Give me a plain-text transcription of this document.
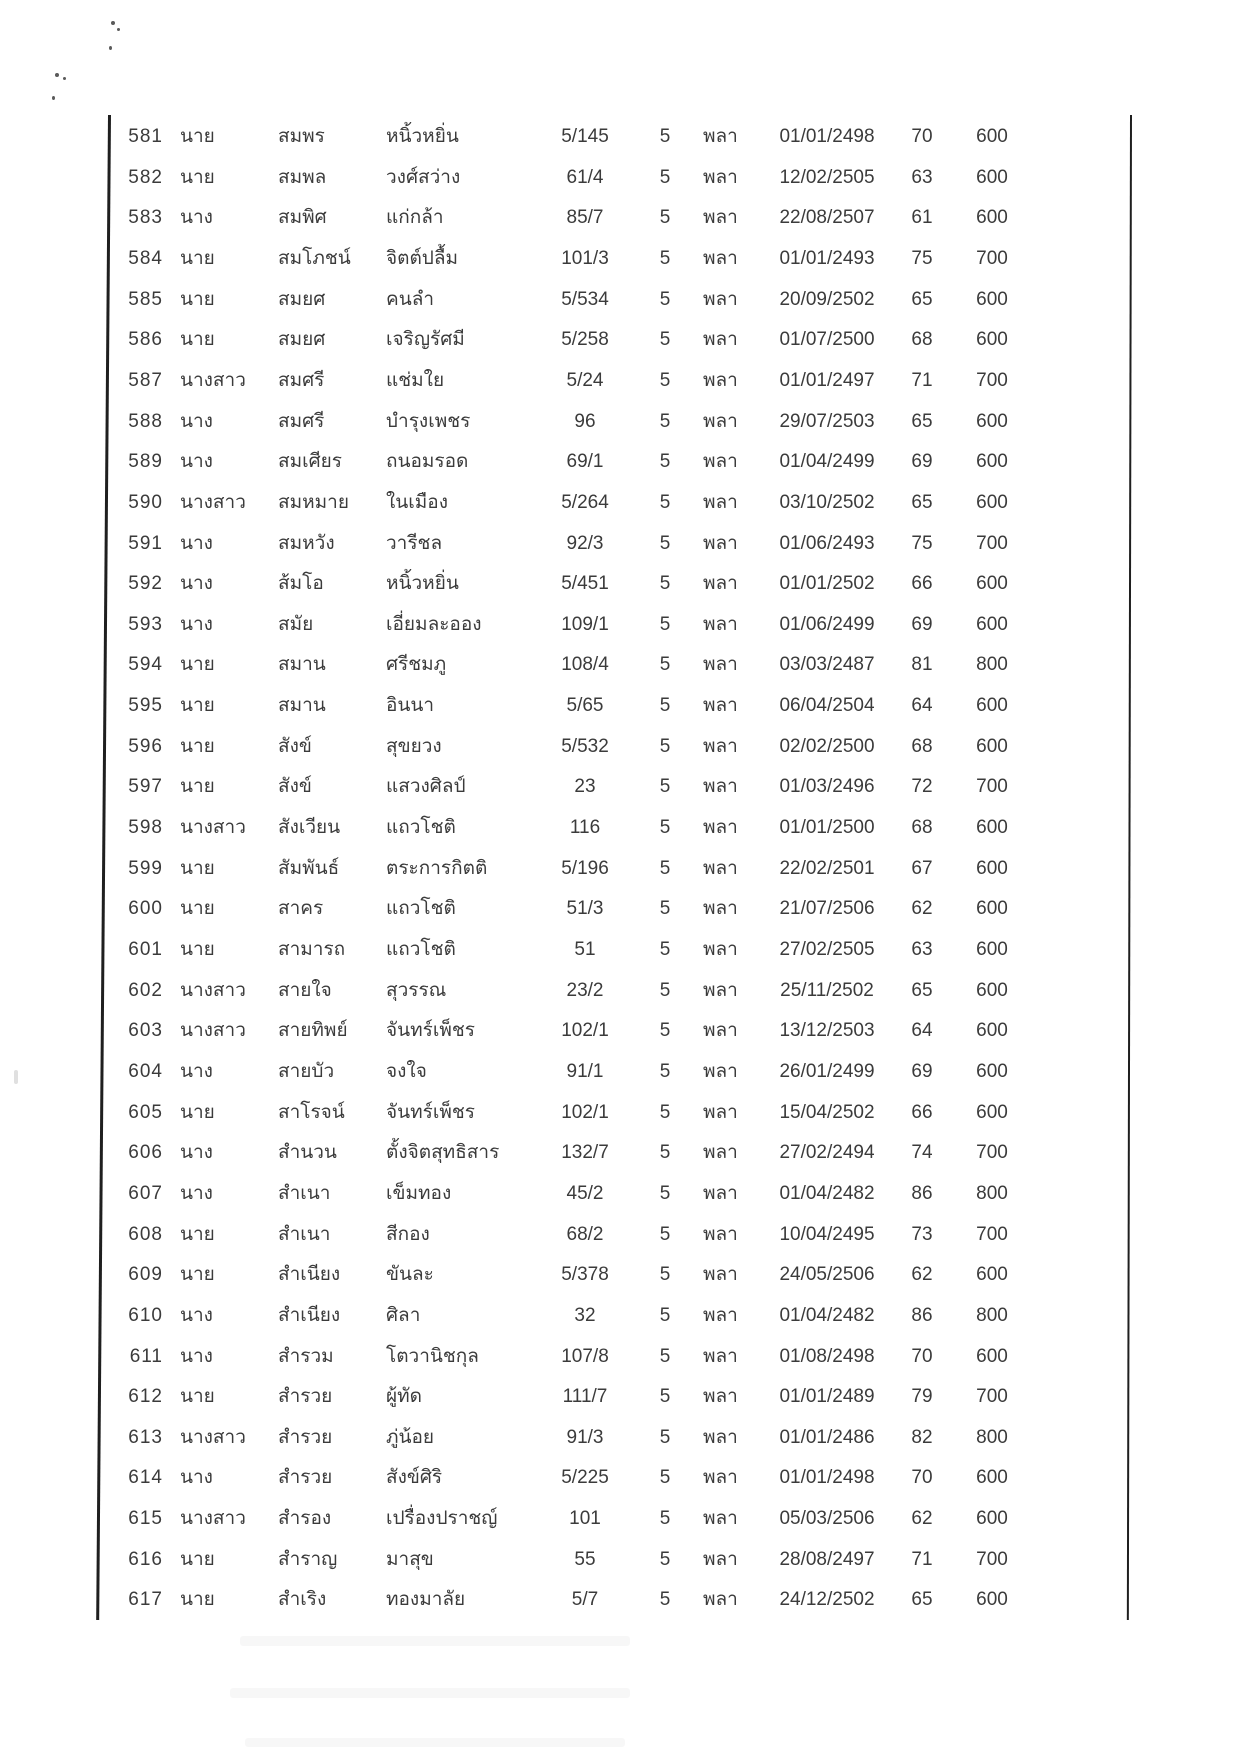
581 นาย	สมพร	หนิ้วหยิ่น	5/145	5	พลา	01/01/2498	70	600
582 นาย	สมพล	วงศ์สว่าง	61/4	5	พลา	12/02/2505	63	600
583 นาง	สมพิศ	แก่กล้า	85/7	5	พลา	22/08/2507	61	600
584 นาย	สมโภชน์	จิตต์ปลื้ม	101/3	5	พลา	01/01/2493	75	700
585 นาย	สมยศ	คนลำ	5/534	5	พลา	20/09/2502	65	600
586 นาย	สมยศ	เจริญรัศมี	5/258	5	พลา	01/07/2500	68	600
587 นางสาว	สมศรี	แช่มใย	5/24	5	พลา	01/01/2497	71	700
588 นาง	สมศรี	บำรุงเพชร	96	5	พลา	29/07/2503	65	600
589 นาง	สมเศียร	ถนอมรอด	69/1	5	พลา	01/04/2499	69	600
590 นางสาว	สมหมาย	ในเมือง	5/264	5	พลา	03/10/2502	65	600
591 นาง	สมหวัง	วารีชล	92/3	5	พลา	01/06/2493	75	700
592 นาง	ส้มโอ	หนิ้วหยิ่น	5/451	5	พลา	01/01/2502	66	600
593 นาง	สมัย	เอี่ยมละออง	109/1	5	พลา	01/06/2499	69	600
594 นาย	สมาน	ศรีชมภู	108/4	5	พลา	03/03/2487	81	800
595 นาย	สมาน	อินนา	5/65	5	พลา	06/04/2504	64	600
596 นาย	สังข์	สุขยวง	5/532	5	พลา	02/02/2500	68	600
597 นาย	สังข์	แสวงศิลป์	23	5	พลา	01/03/2496	72	700
598 นางสาว	สังเวียน	แถวโชติ	116	5	พลา	01/01/2500	68	600
599 นาย	สัมพันธ์	ตระการกิตติ	5/196	5	พลา	22/02/2501	67	600
600 นาย	สาคร	แถวโชติ	51/3	5	พลา	21/07/2506	62	600
601 นาย	สามารถ	แถวโชติ	51	5	พลา	27/02/2505	63	600
602 นางสาว	สายใจ	สุวรรณ	23/2	5	พลา	25/11/2502	65	600
603 นางสาว	สายทิพย์	จันทร์เพ็ชร	102/1	5	พลา	13/12/2503	64	600
604 นาง	สายบัว	จงใจ	91/1	5	พลา	26/01/2499	69	600
605 นาย	สาโรจน์	จันทร์เพ็ชร	102/1	5	พลา	15/04/2502	66	600
606 นาง	สำนวน	ตั้งจิตสุทธิสาร	132/7	5	พลา	27/02/2494	74	700
607 นาง	สำเนา	เข็มทอง	45/2	5	พลา	01/04/2482	86	800
608 นาย	สำเนา	สีกอง	68/2	5	พลา	10/04/2495	73	700
609 นาย	สำเนียง	ขันละ	5/378	5	พลา	24/05/2506	62	600
610 นาง	สำเนียง	ศิลา	32	5	พลา	01/04/2482	86	800
611 นาง	สำรวม	โตวานิชกุล	107/8	5	พลา	01/08/2498	70	600
612 นาย	สำรวย	ผู้ทัด	111/7	5	พลา	01/01/2489	79	700
613 นางสาว	สำรวย	ภู่น้อย	91/3	5	พลา	01/01/2486	82	800
614 นาง	สำรวย	สังข์ศิริ	5/225	5	พลา	01/01/2498	70	600
615 นางสาว	สำรอง	เปรื่องปราชญ์	101	5	พลา	05/03/2506	62	600
616 นาย	สำราญ	มาสุข	55	5	พลา	28/08/2497	71	700
617 นาย	สำเริง	ทองมาลัย	5/7	5	พลา	24/12/2502	65	600
